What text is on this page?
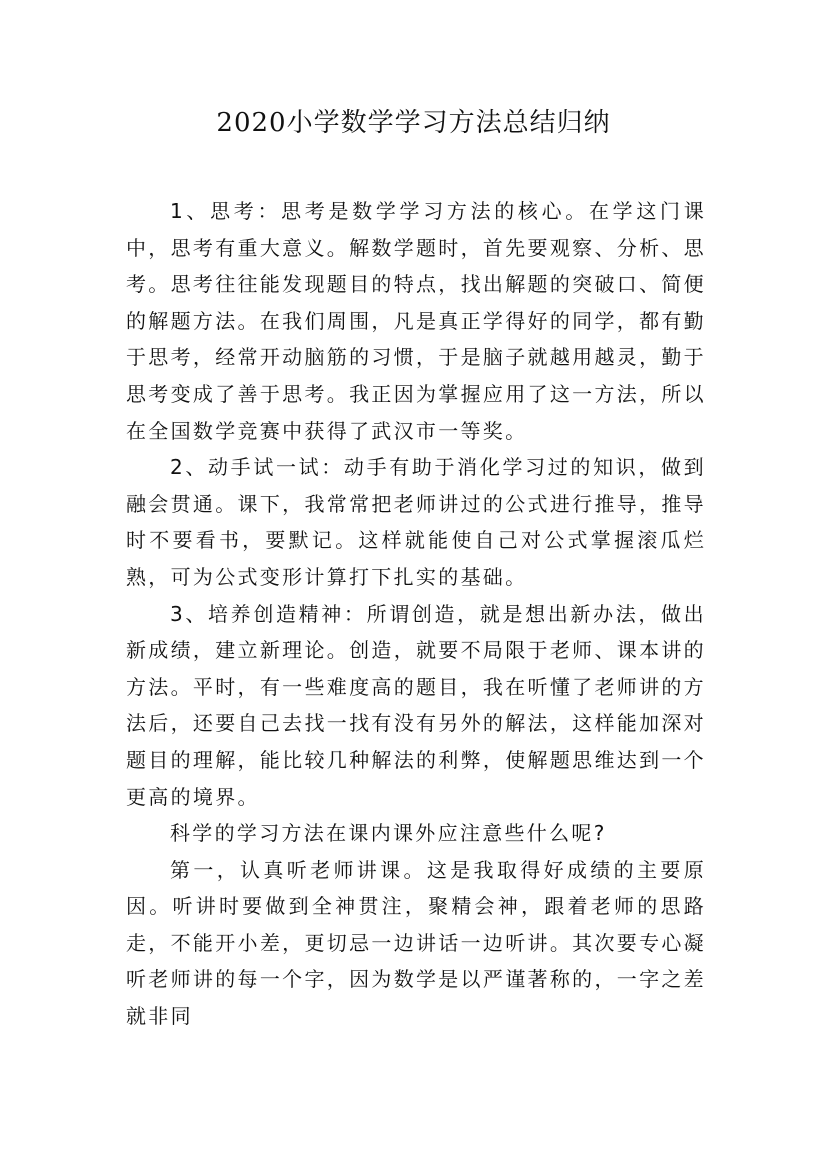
2020小学数学学习方法总结归纳

1、思考：思考是数学学习方法的核心。在学这门课中，思考有重大意义。解数学题时，首先要观察、分析、思考。思考往往能发现题目的特点，找出解题的突破口、简便的解题方法。在我们周围，凡是真正学得好的同学，都有勤于思考，经常开动脑筋的习惯，于是脑子就越用越灵，勤于思考变成了善于思考。我正因为掌握应用了这一方法，所以在全国数学竞赛中获得了武汉市一等奖。

2、动手试一试：动手有助于消化学习过的知识，做到融会贯通。课下，我常常把老师讲过的公式进行推导，推导时不要看书，要默记。这样就能使自己对公式掌握滚瓜烂熟，可为公式变形计算打下扎实的基础。

3、培养创造精神：所谓创造，就是想出新办法，做出新成绩，建立新理论。创造，就要不局限于老师、课本讲的方法。平时，有一些难度高的题目，我在听懂了老师讲的方法后，还要自己去找一找有没有另外的解法，这样能加深对题目的理解，能比较几种解法的利弊，使解题思维达到一个更高的境界。

科学的学习方法在课内课外应注意些什么呢?

第一，认真听老师讲课。这是我取得好成绩的主要原因。听讲时要做到全神贯注，聚精会神，跟着老师的思路走，不能开小差，更切忌一边讲话一边听讲。其次要专心凝听老师讲的每一个字，因为数学是以严谨著称的，一字之差就非同
